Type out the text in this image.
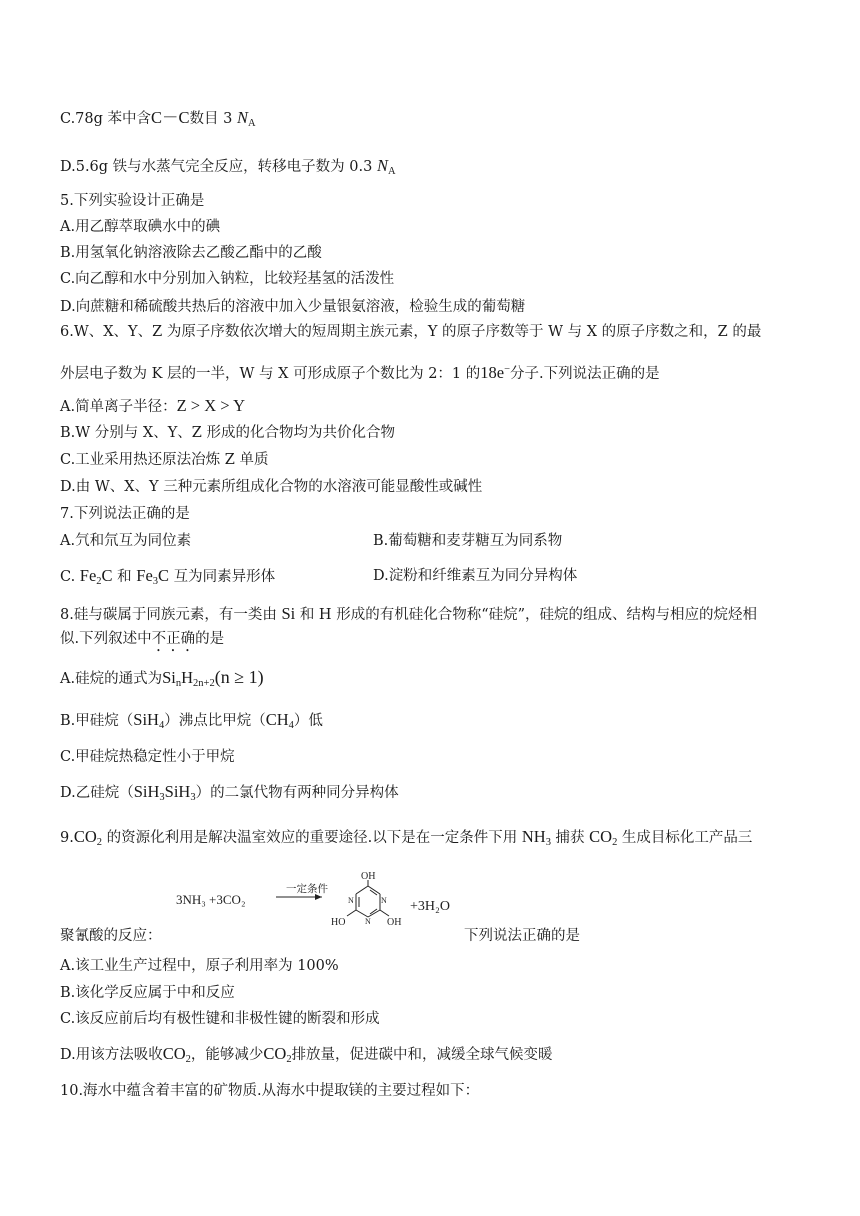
C.78g 苯中含C－C数目 3 $N_A$
D.5.6g 铁与水蒸气完全反应，转移电子数为 0.3 $N_A$
5.下列实验设计正确是
A.用乙醇萃取碘水中的碘
B.用氢氧化钠溶液除去乙酸乙酯中的乙酸
C.向乙醇和水中分别加入钠粒，比较羟基氢的活泼性
D.向蔗糖和稀硫酸共热后的溶液中加入少量银氨溶液，检验生成的葡萄糖
6.W、X、Y、Z 为原子序数依次增大的短周期主族元素，Y 的原子序数等于 W 与 X 的原子序数之和，Z 的最
外层电子数为 K 层的一半，W 与 X 可形成原子个数比为 2：1 的18e−分子.下列说法正确的是
A.简单离子半径：Z > X > Y
B.W 分别与 X、Y、Z 形成的化合物均为共价化合物
C.工业采用热还原法冶炼 Z 单质
D.由 W、X、Y 三种元素所组成化合物的水溶液可能显酸性或碱性
7.下列说法正确的是
A.氕和氘互为同位素	B.葡萄糖和麦芽糖互为同系物
C. $Fe_2C$ 和 $Fe_3C$ 互为同素异形体	D.淀粉和纤维素互为同分异构体
8.硅与碳属于同族元素，有一类由 Si 和 H 形成的有机硅化合物称“硅烷”，硅烷的组成、结构与相应的烷烃相
似.下列叙述中不正确的是
A.硅烷的通式为$Si_nH_{2n+2}(n \ge 1)$
B.甲硅烷（SiH$_4$）沸点比甲烷$(CH_4)$低
C.甲硅烷热稳定性小于甲烷
D.乙硅烷（SiH$_3$SiH$_3$）的二氯代物有两种同分异构体
$9.CO_2$ 的资源化利用是解决温室效应的重要途径.以下是在一定条件下用 $NH_3$ 捕获 $CO_2$ 生成目标化工产品三
3NH₃ +3CO₂
一定条件
OH
HO	OH
N
N
N
+3H₂O
聚氰酸的反应：	下列说法正确的是
A.该工业生产过程中，原子利用率为 100%
B.该化学反应属于中和反应
C.该反应前后均有极性键和非极性键的断裂和形成
D.用该方法吸收$CO_2$，能够减少$CO_2$排放量，促进碳中和，减缓全球气候变暖
10.海水中蕴含着丰富的矿物质.从海水中提取镁的主要过程如下：
